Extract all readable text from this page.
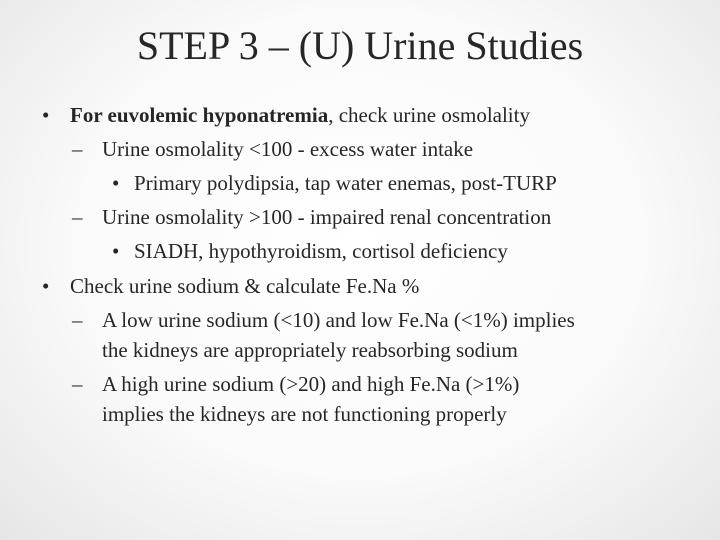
STEP 3 – (U) Urine Studies
• For euvolemic hyponatremia, check urine osmolality
– Urine osmolality <100 - excess water intake
• Primary polydipsia, tap water enemas, post-TURP
– Urine osmolality >100 - impaired renal concentration
• SIADH, hypothyroidism, cortisol deficiency
• Check urine sodium & calculate Fe.Na %
– A low urine sodium (<10) and low Fe.Na (<1%) implies
the kidneys are appropriately reabsorbing sodium
– A high urine sodium (>20) and high Fe.Na (>1%)
implies the kidneys are not functioning properly
